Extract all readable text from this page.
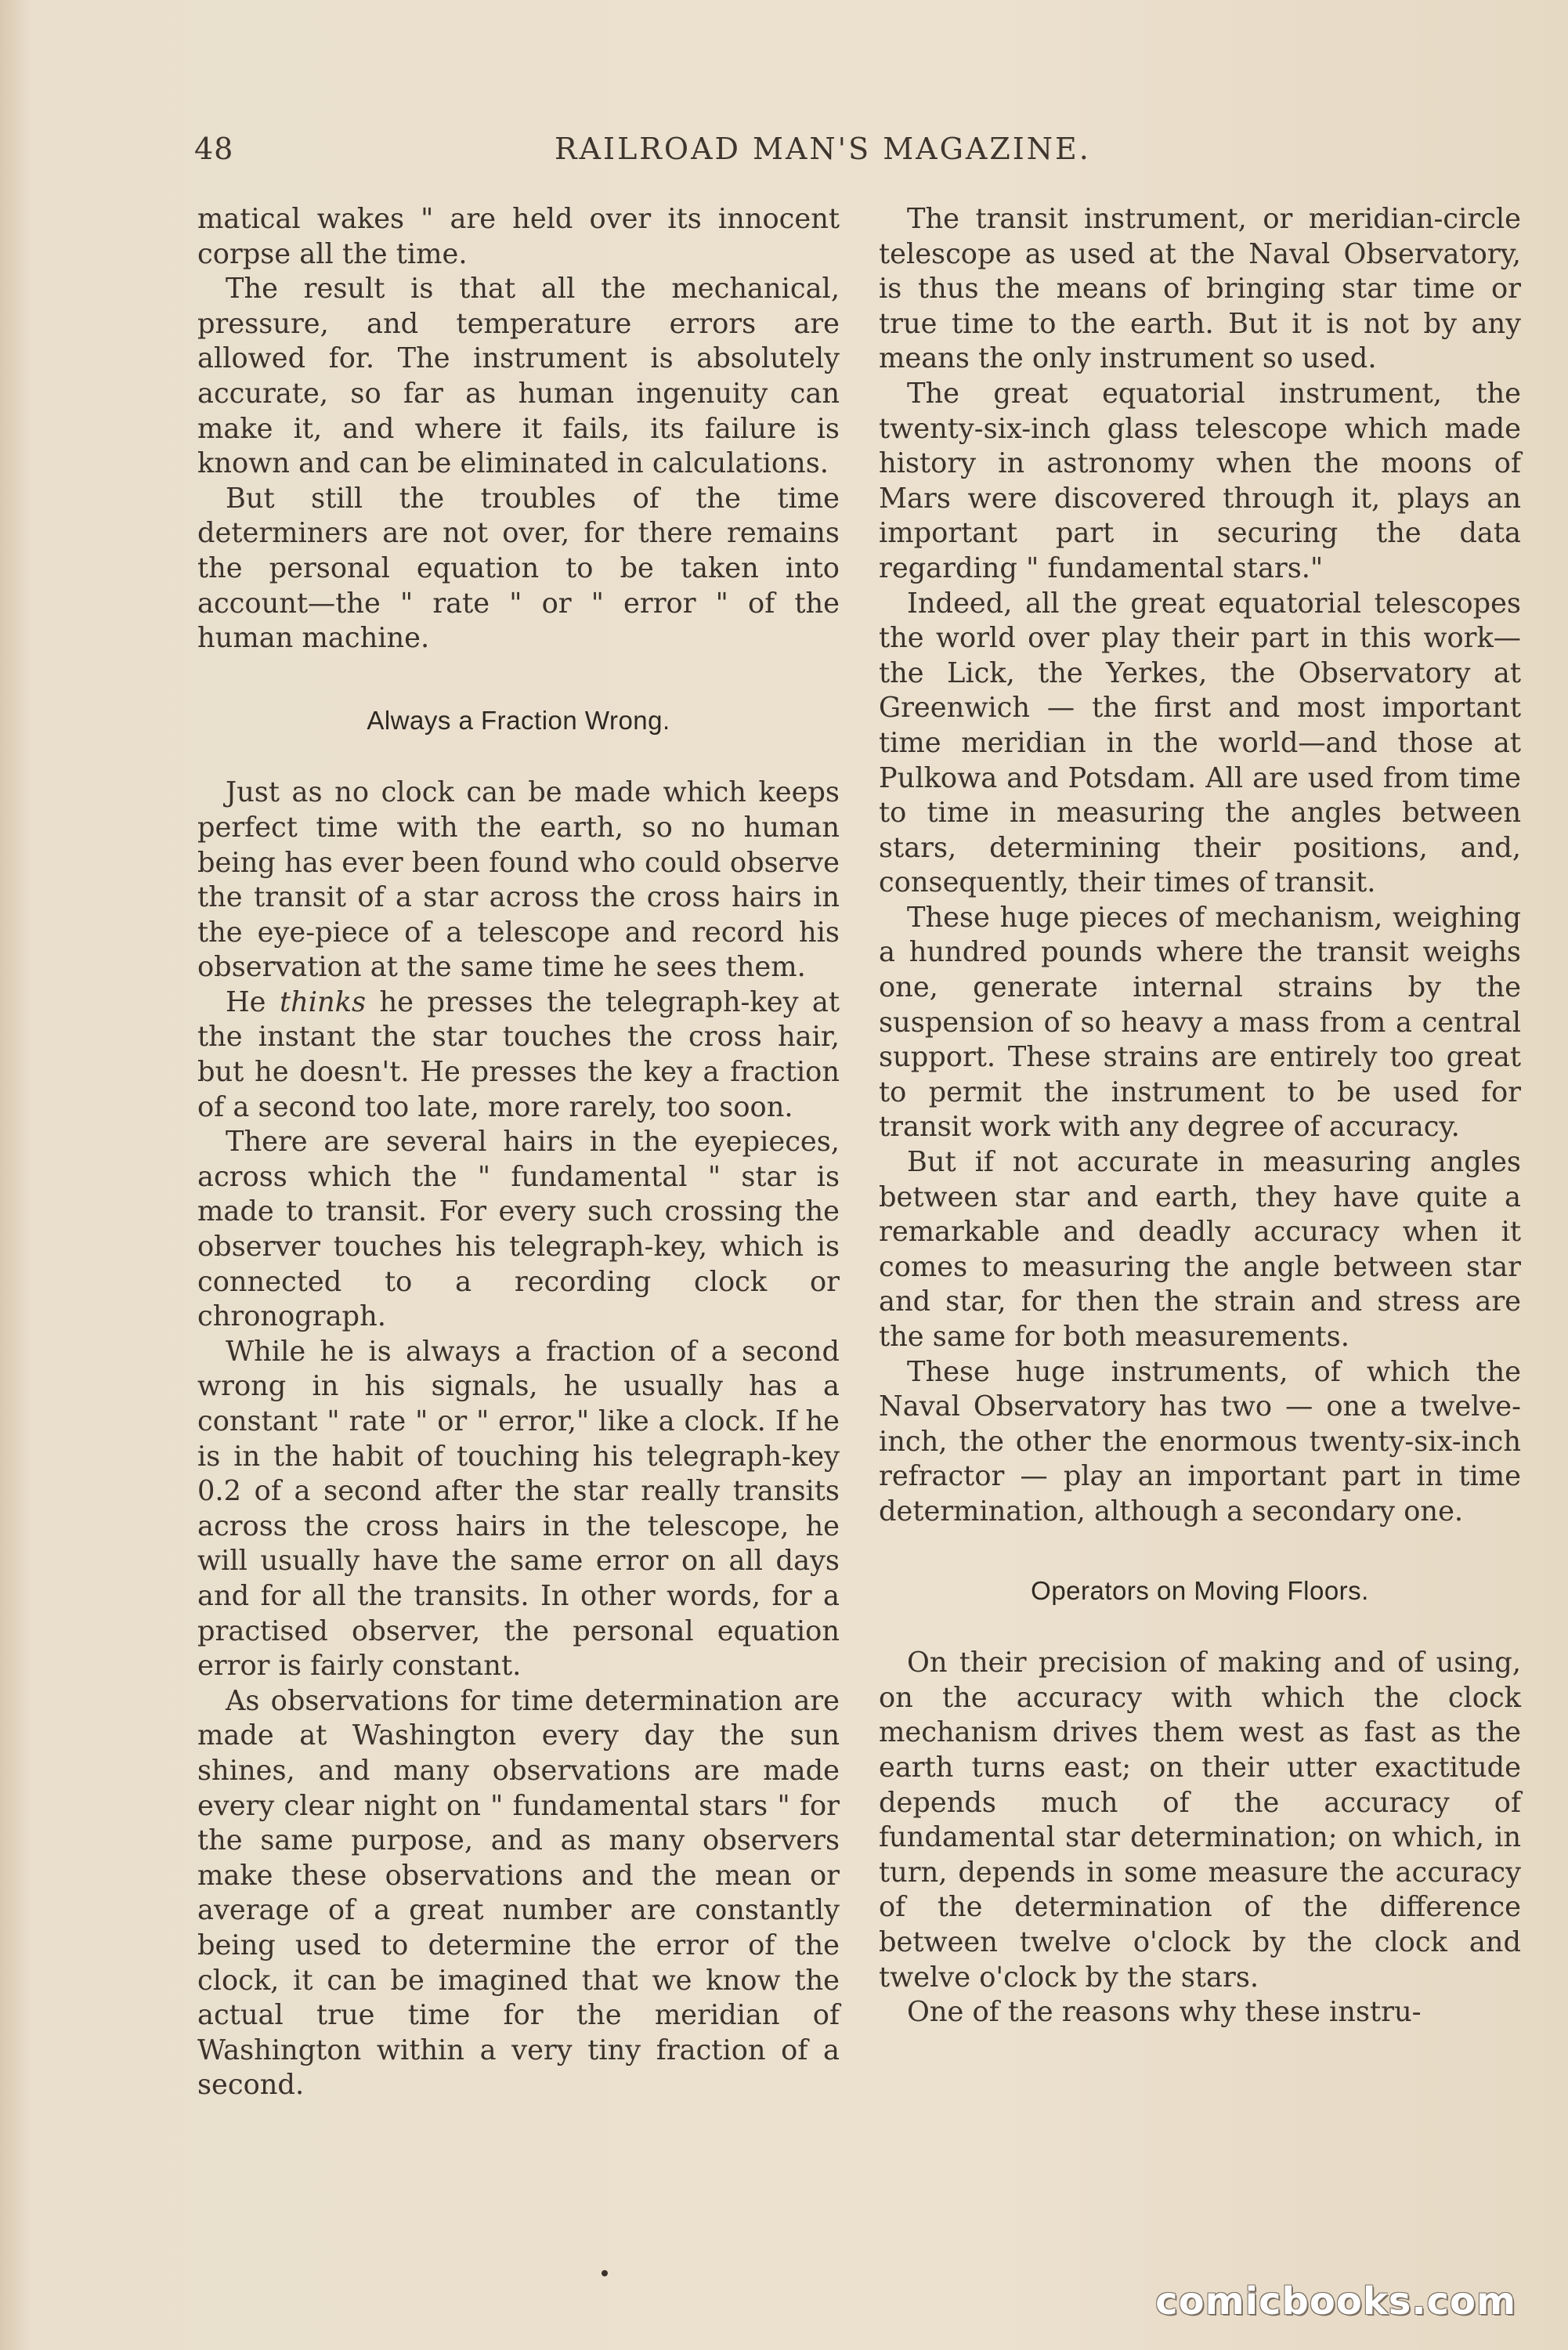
48	RAILROAD MAN'S MAGAZINE.

matical wakes " are held over its innocent corpse all the time.

The result is that all the mechanical, pressure, and temperature errors are allowed for. The instrument is absolutely accurate, so far as human ingenuity can make it, and where it fails, its failure is known and can be eliminated in calculations.

But still the troubles of the time determiners are not over, for there remains the personal equation to be taken into account—the " rate " or " error " of the human machine.

Always a Fraction Wrong.

Just as no clock can be made which keeps perfect time with the earth, so no human being has ever been found who could observe the transit of a star across the cross hairs in the eye-piece of a telescope and record his observation at the same time he sees them.

He thinks he presses the telegraph-key at the instant the star touches the cross hair, but he doesn't. He presses the key a fraction of a second too late, more rarely, too soon.

There are several hairs in the eyepieces, across which the " fundamental " star is made to transit. For every such crossing the observer touches his telegraph-key, which is connected to a recording clock or chronograph.

While he is always a fraction of a second wrong in his signals, he usually has a constant " rate " or " error," like a clock. If he is in the habit of touching his telegraph-key 0.2 of a second after the star really transits across the cross hairs in the telescope, he will usually have the same error on all days and for all the transits. In other words, for a practised observer, the personal equation error is fairly constant.

As observations for time determination are made at Washington every day the sun shines, and many observations are made every clear night on " fundamental stars " for the same purpose, and as many observers make these observations and the mean or average of a great number are constantly being used to determine the error of the clock, it can be imagined that we know the actual true time for the meridian of Washington within a very tiny fraction of a second.

The transit instrument, or meridian-circle telescope as used at the Naval Observatory, is thus the means of bringing star time or true time to the earth. But it is not by any means the only instrument so used.

The great equatorial instrument, the twenty-six-inch glass telescope which made history in astronomy when the moons of Mars were discovered through it, plays an important part in securing the data regarding " fundamental stars."

Indeed, all the great equatorial telescopes the world over play their part in this work—the Lick, the Yerkes, the Observatory at Greenwich — the first and most important time meridian in the world—and those at Pulkowa and Potsdam. All are used from time to time in measuring the angles between stars, determining their positions, and, consequently, their times of transit.

These huge pieces of mechanism, weighing a hundred pounds where the transit weighs one, generate internal strains by the suspension of so heavy a mass from a central support. These strains are entirely too great to permit the instrument to be used for transit work with any degree of accuracy.

But if not accurate in measuring angles between star and earth, they have quite a remarkable and deadly accuracy when it comes to measuring the angle between star and star, for then the strain and stress are the same for both measurements.

These huge instruments, of which the Naval Observatory has two — one a twelve-inch, the other the enormous twenty-six-inch refractor — play an important part in time determination, although a secondary one.

Operators on Moving Floors.

On their precision of making and of using, on the accuracy with which the clock mechanism drives them west as fast as the earth turns east; on their utter exactitude depends much of the accuracy of fundamental star determination; on which, in turn, depends in some measure the accuracy of the determination of the difference between twelve o'clock by the clock and twelve o'clock by the stars.

One of the reasons why these instru-

comicbooks.com
